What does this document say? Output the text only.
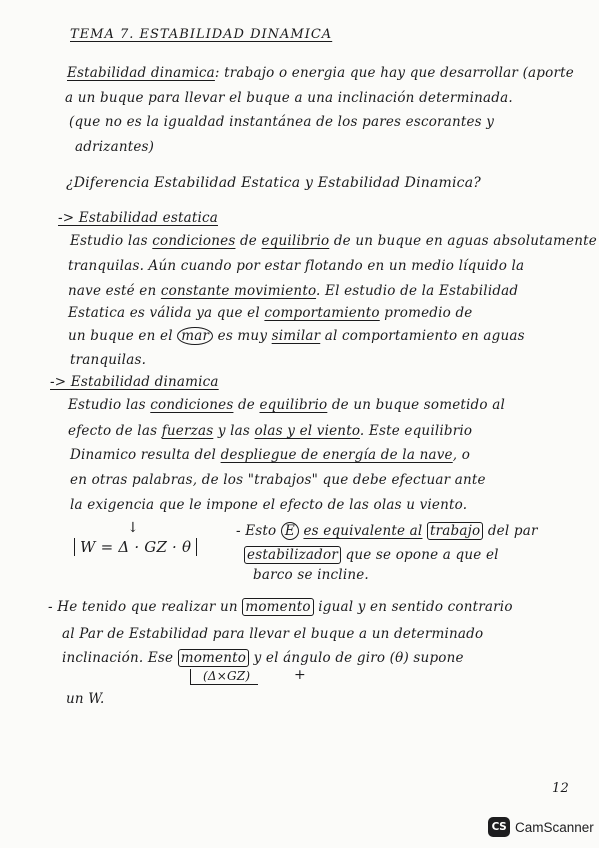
TEMA 7. ESTABILIDAD DINAMICA
Estabilidad dinamica: trabajo o energia que hay que desarrollar (aporte
a un buque para llevar el buque a una inclinación determinada.
(que no es la igualdad instantánea de los pares escorantes y
adrizantes)
¿Diferencia Estabilidad Estatica y Estabilidad Dinamica?
-> Estabilidad estatica
Estudio las condiciones de equilibrio de un buque en aguas absolutamente
tranquilas. Aún cuando por estar flotando en un medio líquido la
nave esté en constante movimiento. El estudio de la Estabilidad
Estatica es válida ya que el comportamiento promedio de
un buque en el mar es muy similar al comportamiento en aguas
tranquilas.
-> Estabilidad dinamica
Estudio las condiciones de equilibrio de un buque sometido al
efecto de las fuerzas y las olas y el viento. Este equilibrio
Dinamico resulta del despliegue de energía de la nave, o
en otras palabras, de los "trabajos" que debe efectuar ante
la exigencia que le impone el efecto de las olas u viento.
↓
W = Δ · GZ · θ
- Esto E es equivalente al trabajo del par
estabilizador que se opone a que el
barco se incline.
- He tenido que realizar un momento igual y en sentido contrario
al Par de Estabilidad para llevar el buque a un determinado
inclinación. Ese momento y el ángulo de giro (θ) supone
(Δ×GZ)	+
un W.
12
CS CamScanner
